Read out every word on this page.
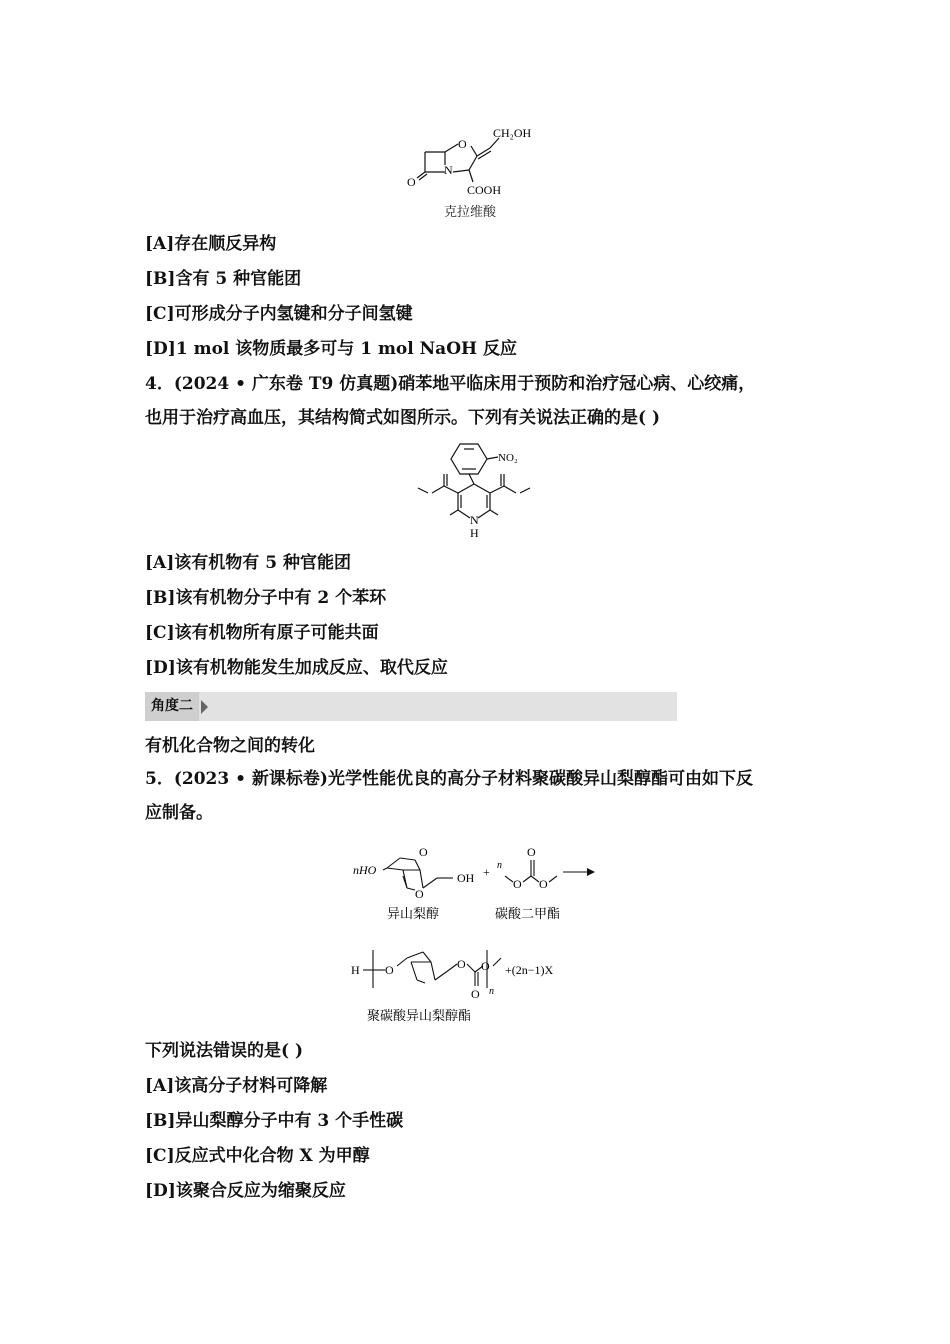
O
N
O
CH₂OH
COOH
克拉维酸
[A]存在顺反异构
[B]含有 5 种官能团
[C]可形成分子内氢键和分子间氢键
[D]1 mol 该物质最多可与 1 mol NaOH 反应
4．(2024 • 广东卷 T9 仿真题)硝苯地平临床用于预防和治疗冠心病、心绞痛，
也用于治疗高血压，其结构简式如图所示。下列有关说法正确的是( )
NO₂
N
H
[A]该有机物有 5 种官能团
[B]该有机物分子中有 2 个苯环
[C]该有机物所有原子可能共面
[D]该有机物能发生加成反应、取代反应
角度二
有机化合物之间的转化
5．(2023 • 新课标卷)光学性能优良的高分子材料聚碳酸异山梨醇酯可由如下反
应制备。
nHO
OH + n
O
O O
O
O
异山梨醇	碳酸二甲酯
H O	O
O
O
n
+(2n−1)X
聚碳酸异山梨醇酯
下列说法错误的是( )
[A]该高分子材料可降解
[B]异山梨醇分子中有 3 个手性碳
[C]反应式中化合物 X 为甲醇
[D]该聚合反应为缩聚反应
